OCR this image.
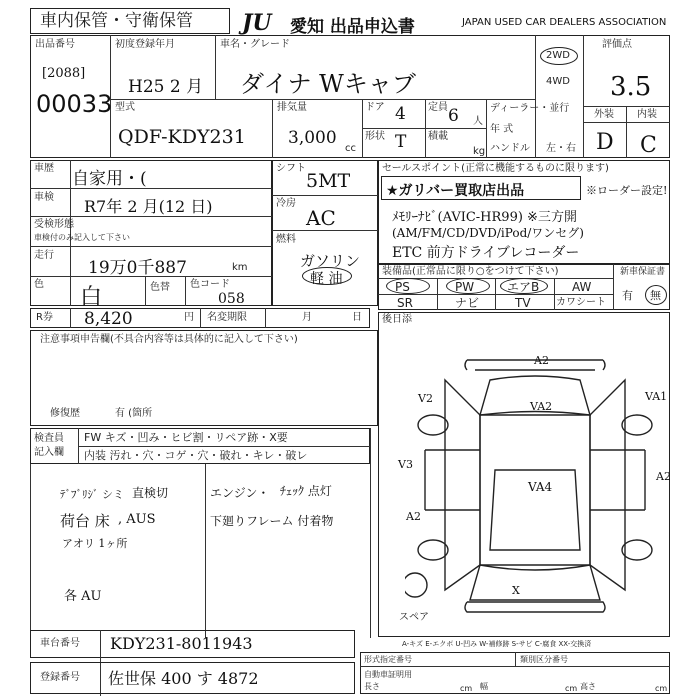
車内保管・守衛保管 JU 愛知 出品申込書	JAPAN USED CAR DEALERS ASSOCIATION
出品番号
[2088]
00033
初度登録年月
H25 2 月
車名・グレード
ダイナ Wキャブ
2WD
4WD
評価点
3.5
外装 内装
D C
型式
QDF-KDY231
排気量
3,000
cc
ドア 4 定員 6 人
形状 T 積載
kg
ディーラー・並行
年 式
ハンドル 左・右
車歴
自家用・(
車検 R7年 2 月(12 日)
受検形態
車検付のみ記入して下さい
走行
19万0千887	km
色
白	色替 色コード
058
シフト
5MT
冷房
AC
燃料
ガソリン
軽 油
セールスポイント(正常に機能するものに限ります)
★ガリバー買取店出品	※ローダー設定!
ﾒﾓﾘｰﾅﾋﾞ(AVIC-HR99) ※三方開
(AM/FM/CD/DVD/iPod/ワンセグ)
ETC 前方ドライブレコーダー
装備品(正常品に限り○をつけて下さい)
PS	PW	エアB	AW
SR	ナビ	TV	カワシート
新車保証書
有 無
R券 8,420	円 名変期限	月	日
注意事項申告欄(不具合内容等は具体的に記入して下さい)
修復歴	有 (箇所
後日添
検査員
記入欄
FW キズ・凹み・ヒビ割・リペア跡・X要
内装 汚れ・穴・コゲ・穴・破れ・キレ・破レ
ﾃﾞﾌﾞﾘｼﾞ シミ 直検切	エンジン・ ﾁｪｯｸ 点灯
荷台 床 , AUS	下廻りフレーム 付着物
アオリ 1ヶ所
各 AU
A2
VA2
V2	VA1
V3
VA4
A2
A2
X
スペア
A-キズ E-エクボ U-凹み W-補修跡 S-サビ C-腐食 XX-交換済
車台番号 KDY231-8011943
登録番号 佐世保 400 す 4872
形式指定番号	類別区分番号
自動車証明用
長さ	cm 幅	cm 高さ	cm
